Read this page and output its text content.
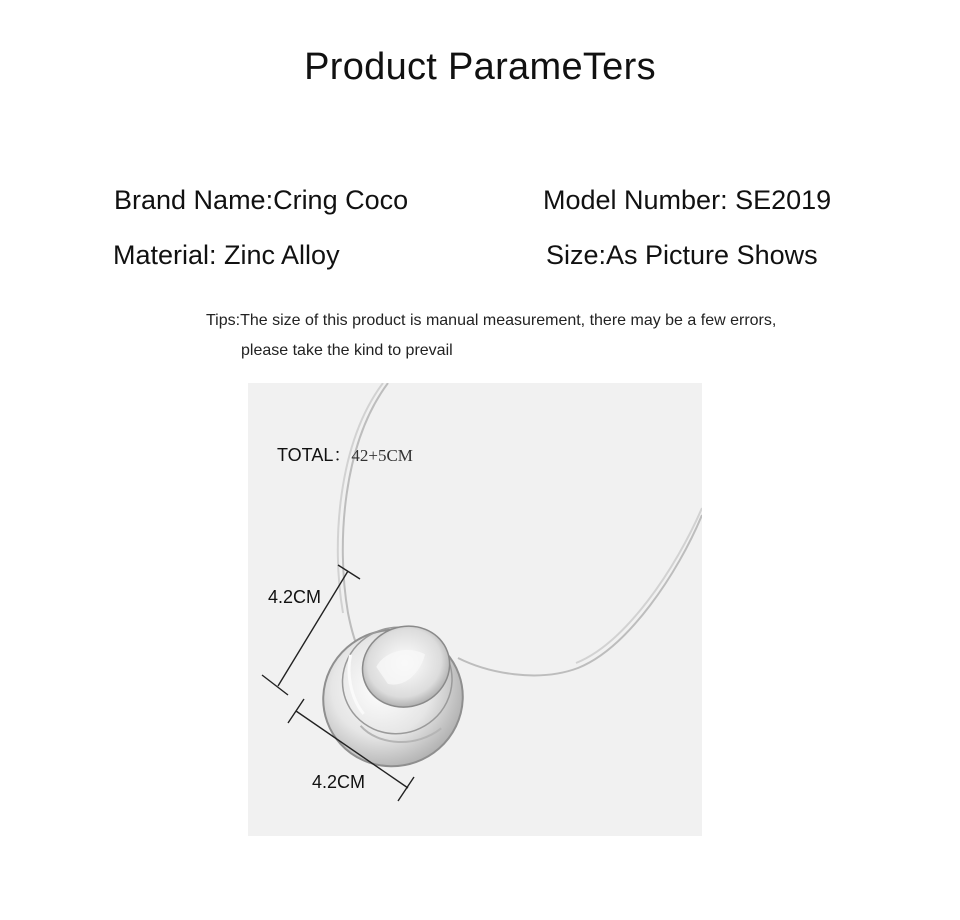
Product ParameTers
Brand Name:Cring Coco	Model Number: SE2019
Material: Zinc Alloy	Size:As Picture Shows
Tips:The size of this product is manual measurement, there may be a few errors,
please take the kind to prevail
TOTAL：42+5CM
4.2CM
4.2CM
